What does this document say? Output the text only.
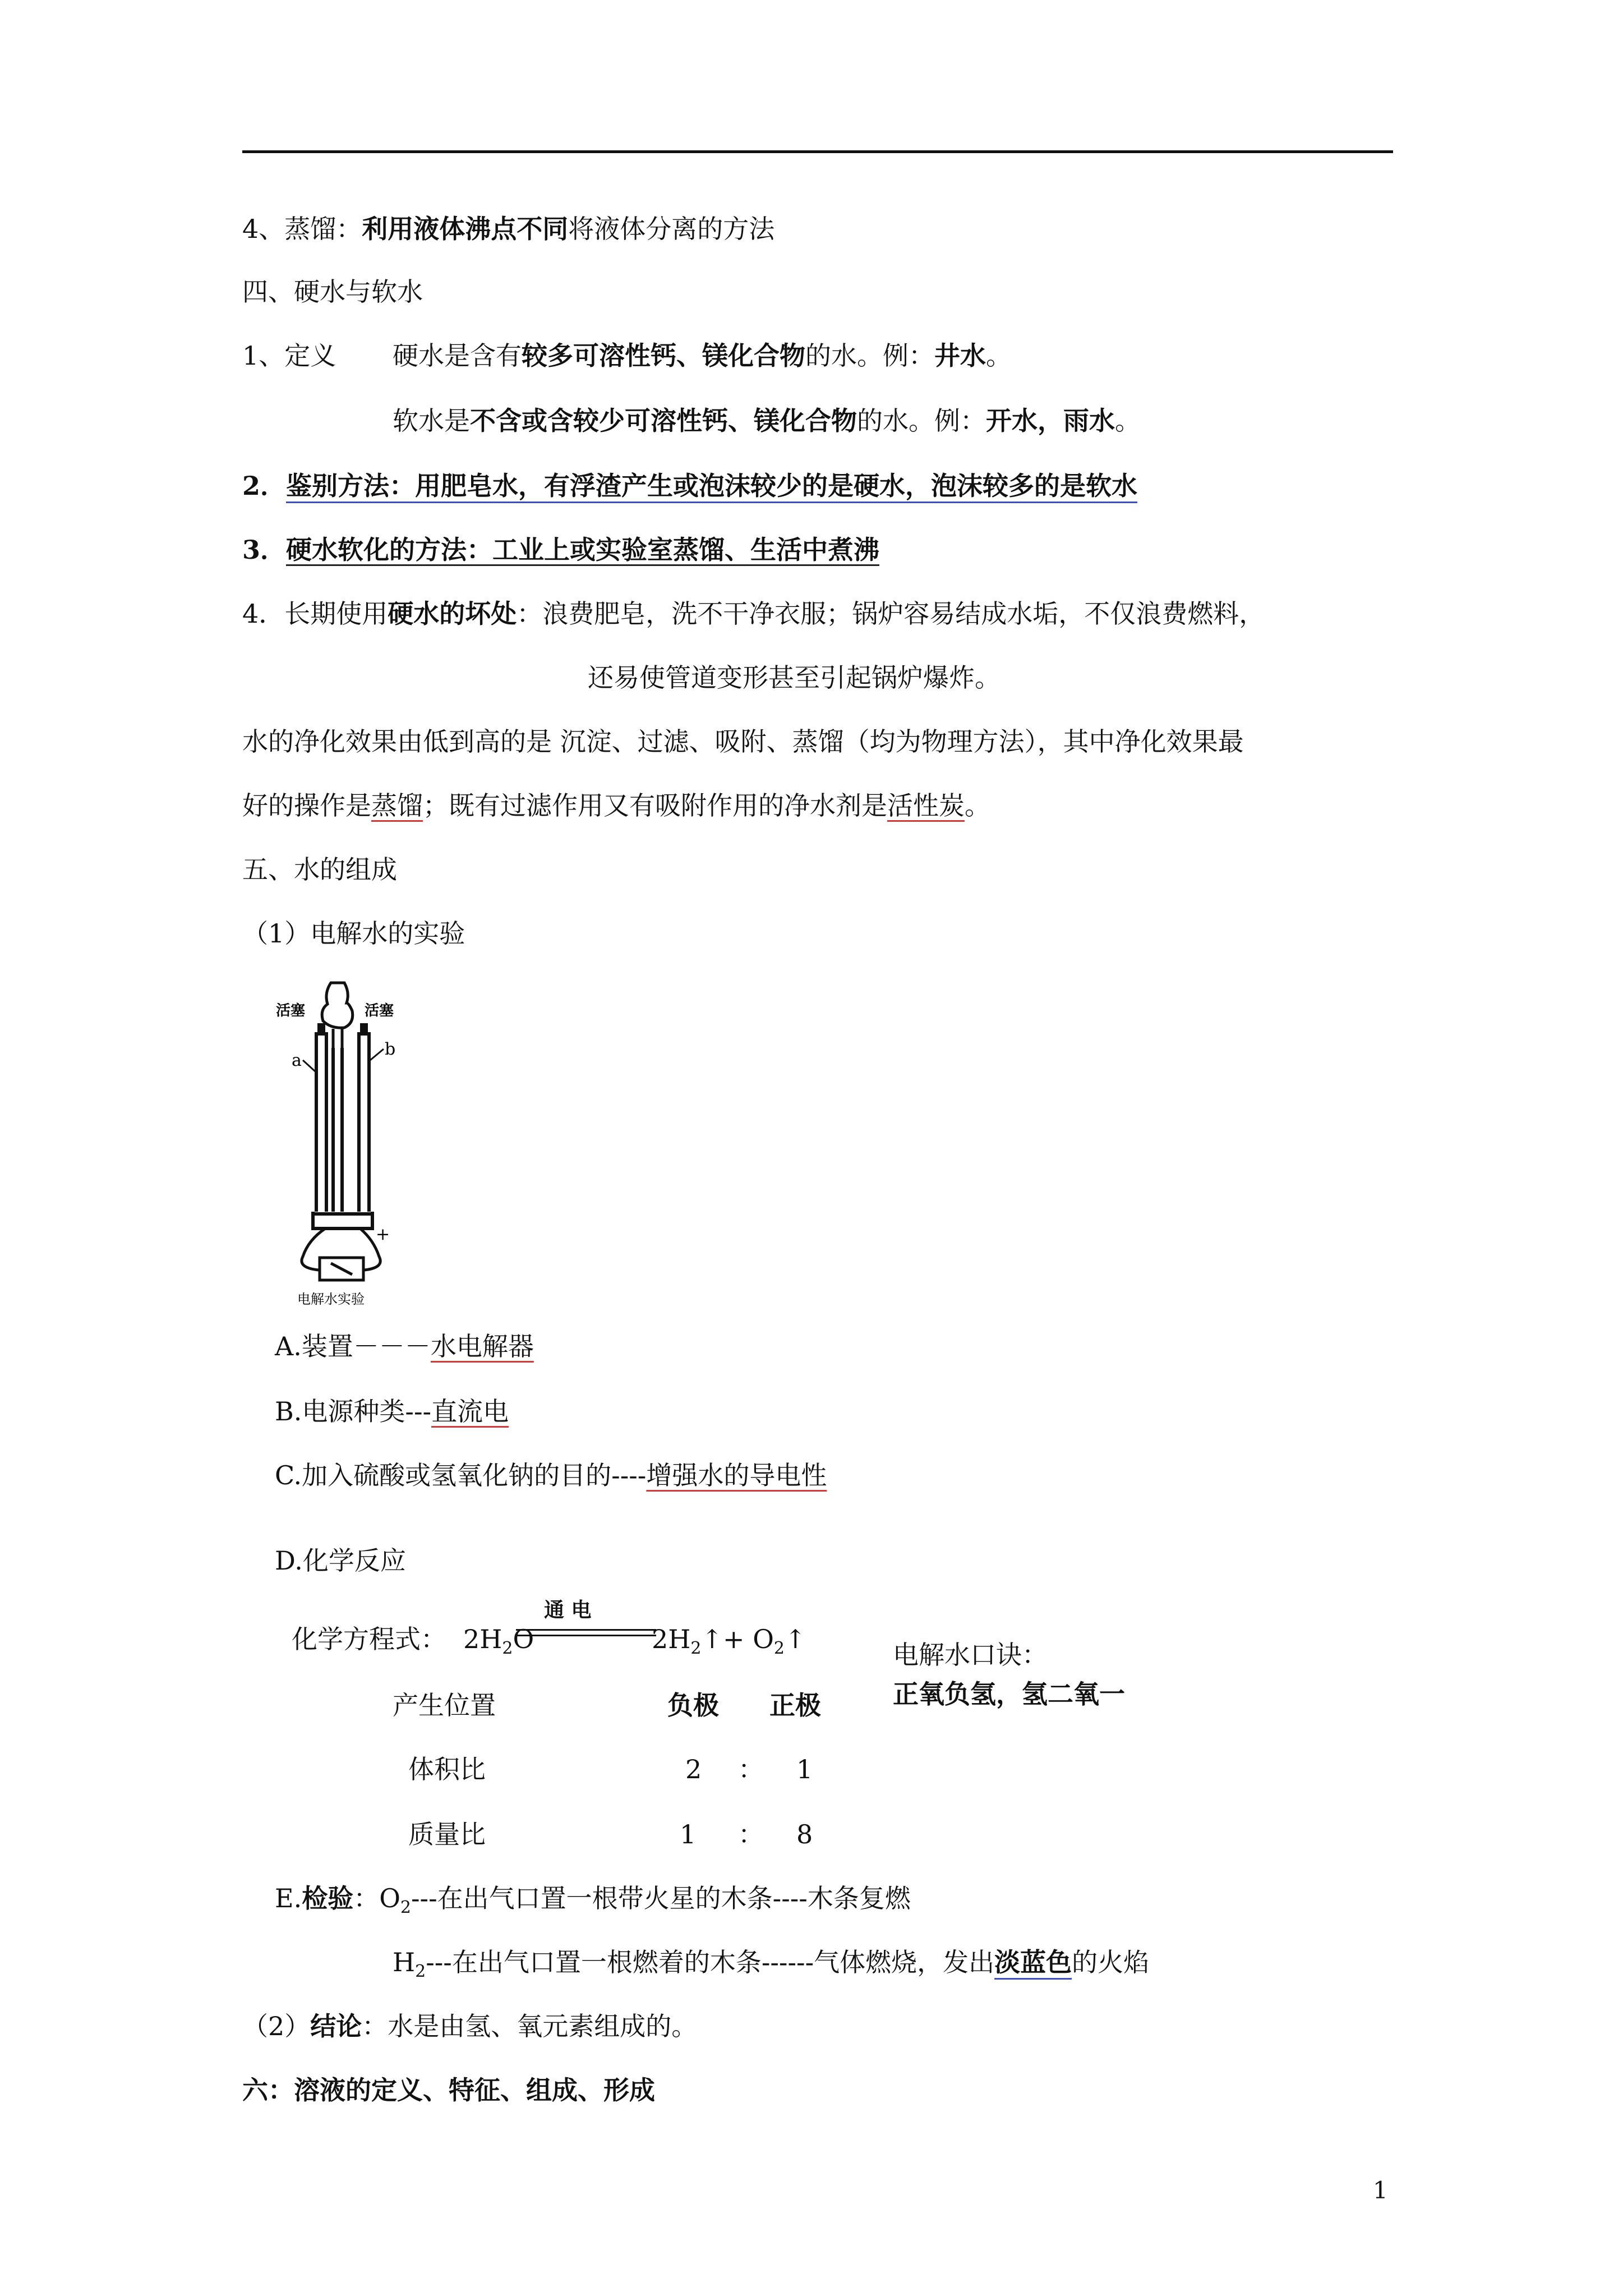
4、蒸馏：利用液体沸点不同将液体分离的方法
四、硬水与软水
1、定义 硬水是含有较多可溶性钙、镁化合物的水。例：井水。
软水是不含或含较少可溶性钙、镁化合物的水。例：开水，雨水。
2．鉴别方法：用肥皂水，有浮渣产生或泡沫较少的是硬水，泡沫较多的是软水
3．硬水软化的方法：工业上或实验室蒸馏、生活中煮沸
4．长期使用硬水的坏处：浪费肥皂，洗不干净衣服；锅炉容易结成水垢，不仅浪费燃料，
还易使管道变形甚至引起锅炉爆炸。
水的净化效果由低到高的是 沉淀、过滤、吸附、蒸馏（均为物理方法），其中净化效果最
好的操作是蒸馏；既有过滤作用又有吸附作用的净水剂是活性炭。
五、水的组成
（1）电解水的实验
活塞	活塞
a
b
+
电解水实验
A.装置－－－水电解器
B.电源种类---直流电
C.加入硫酸或氢氧化钠的目的----增强水的导电性
D.化学反应
化学方程式： $2H_2O$
通 电
$2H_2↑+$ $O_2↑$
电解水口诀：
正氧负氢，氢二氧一
产生位置	负极 正极
体积比	2 ： 1
质量比	1 ： 8
E.检验：$O_2---$在出气口置一根带火星的木条----木条复燃
$H_2---$在出气口置一根燃着的木条------气体燃烧，发出淡蓝色的火焰
（2）结论：水是由氢、氧元素组成的。
六：溶液的定义、特征、组成、形成
1
